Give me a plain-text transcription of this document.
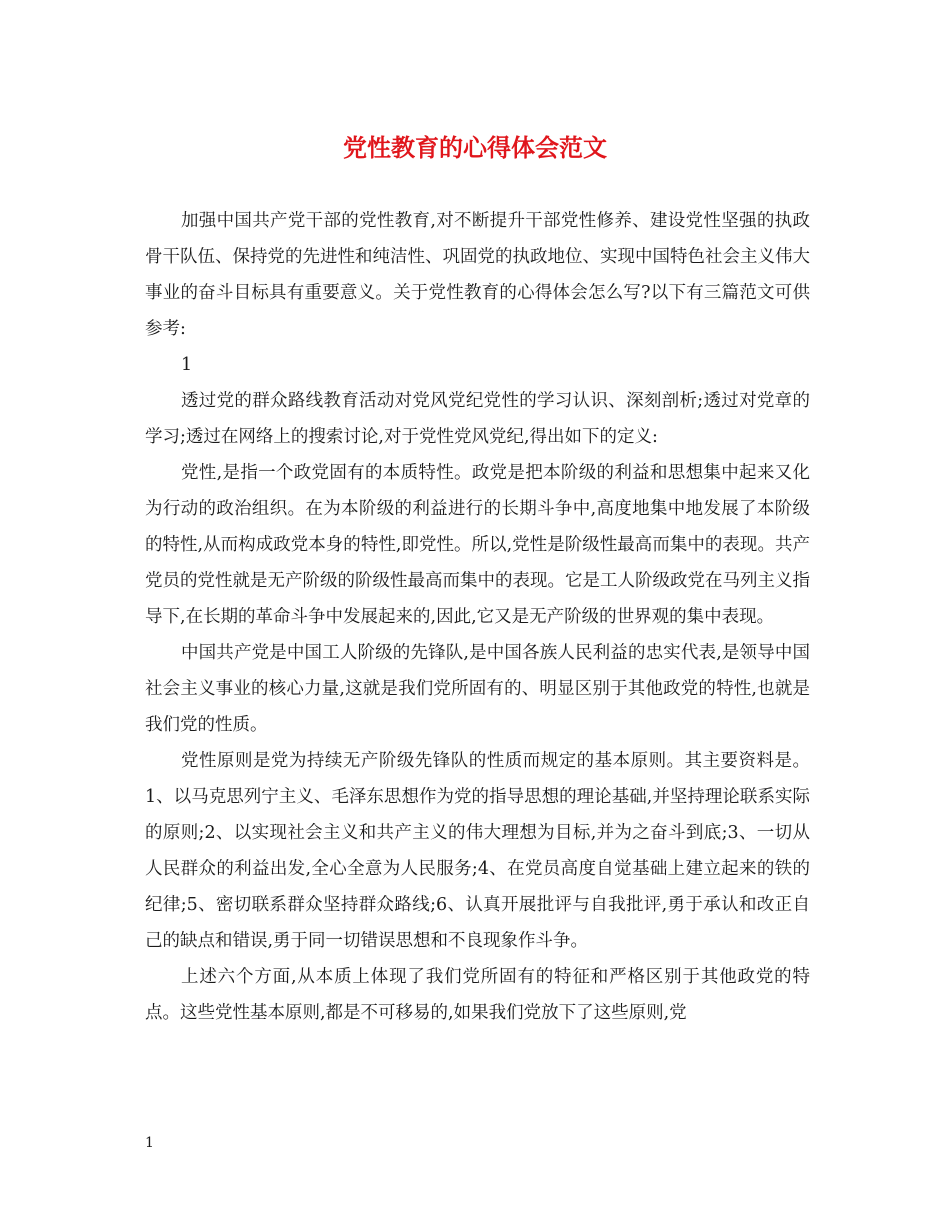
党性教育的心得体会范文

加强中国共产党干部的党性教育,对不断提升干部党性修养、建设党性坚强的执政骨干队伍、保持党的先进性和纯洁性、巩固党的执政地位、实现中国特色社会主义伟大事业的奋斗目标具有重要意义。关于党性教育的心得体会怎么写?以下有三篇范文可供参考:

1

透过党的群众路线教育活动对党风党纪党性的学习认识、深刻剖析;透过对党章的学习;透过在网络上的搜索讨论,对于党性党风党纪,得出如下的定义:

党性,是指一个政党固有的本质特性。政党是把本阶级的利益和思想集中起来又化为行动的政治组织。在为本阶级的利益进行的长期斗争中,高度地集中地发展了本阶级的特性,从而构成政党本身的特性,即党性。所以,党性是阶级性最高而集中的表现。共产党员的党性就是无产阶级的阶级性最高而集中的表现。它是工人阶级政党在马列主义指导下,在长期的革命斗争中发展起来的,因此,它又是无产阶级的世界观的集中表现。

中国共产党是中国工人阶级的先锋队,是中国各族人民利益的忠实代表,是领导中国社会主义事业的核心力量,这就是我们党所固有的、明显区别于其他政党的特性,也就是我们党的性质。

党性原则是党为持续无产阶级先锋队的性质而规定的基本原则。其主要资料是。1、以马克思列宁主义、毛泽东思想作为党的指导思想的理论基础,并坚持理论联系实际的原则;2、以实现社会主义和共产主义的伟大理想为目标,并为之奋斗到底;3、一切从人民群众的利益出发,全心全意为人民服务;4、在党员高度自觉基础上建立起来的铁的纪律;5、密切联系群众坚持群众路线;6、认真开展批评与自我批评,勇于承认和改正自己的缺点和错误,勇于同一切错误思想和不良现象作斗争。

上述六个方面,从本质上体现了我们党所固有的特征和严格区别于其他政党的特点。这些党性基本原则,都是不可移易的,如果我们党放下了这些原则,党

1
